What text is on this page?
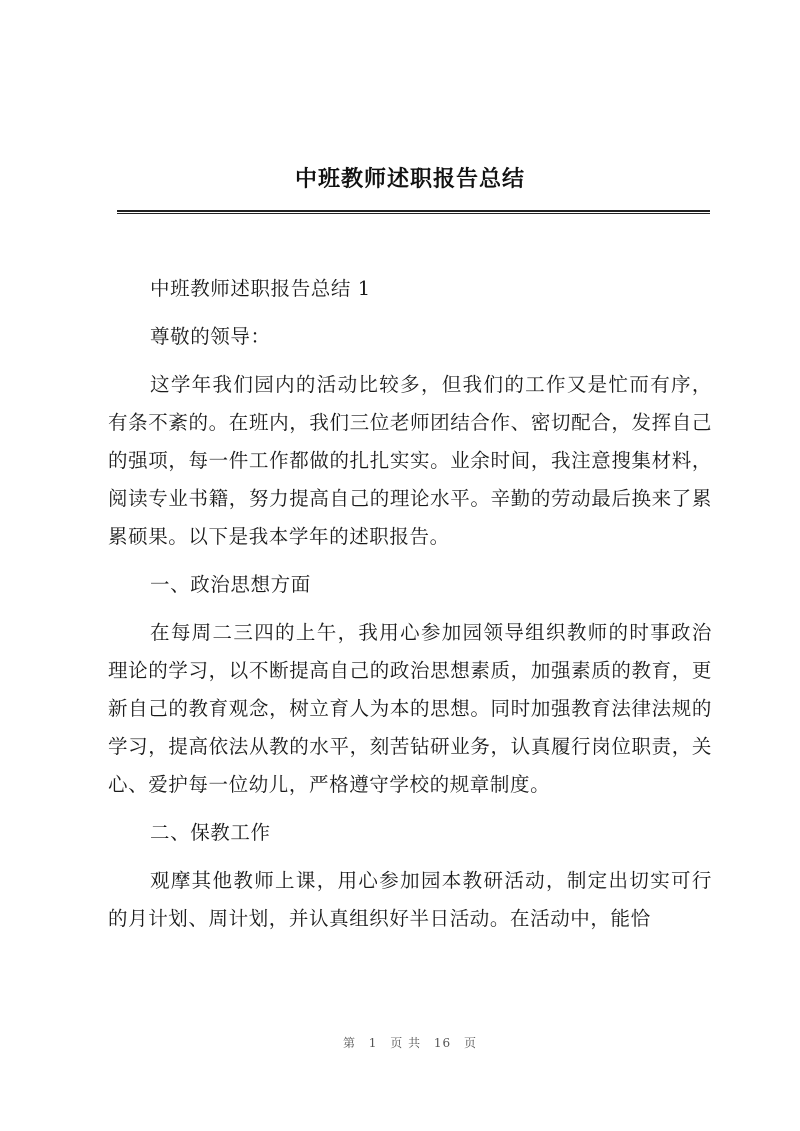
中班教师述职报告总结

中班教师述职报告总结 1

尊敬的领导：

这学年我们园内的活动比较多，但我们的工作又是忙而有序，有条不紊的。在班内，我们三位老师团结合作、密切配合，发挥自己的强项，每一件工作都做的扎扎实实。业余时间，我注意搜集材料，阅读专业书籍，努力提高自己的理论水平。辛勤的劳动最后换来了累累硕果。以下是我本学年的述职报告。

一、政治思想方面

在每周二三四的上午，我用心参加园领导组织教师的时事政治理论的学习，以不断提高自己的政治思想素质，加强素质的教育，更新自己的教育观念，树立育人为本的思想。同时加强教育法律法规的学习，提高依法从教的水平，刻苦钻研业务，认真履行岗位职责，关心、爱护每一位幼儿，严格遵守学校的规章制度。

二、保教工作

观摩其他教师上课，用心参加园本教研活动，制定出切实可行的月计划、周计划，并认真组织好半日活动。在活动中，能恰

第 1 页 共 16 页
